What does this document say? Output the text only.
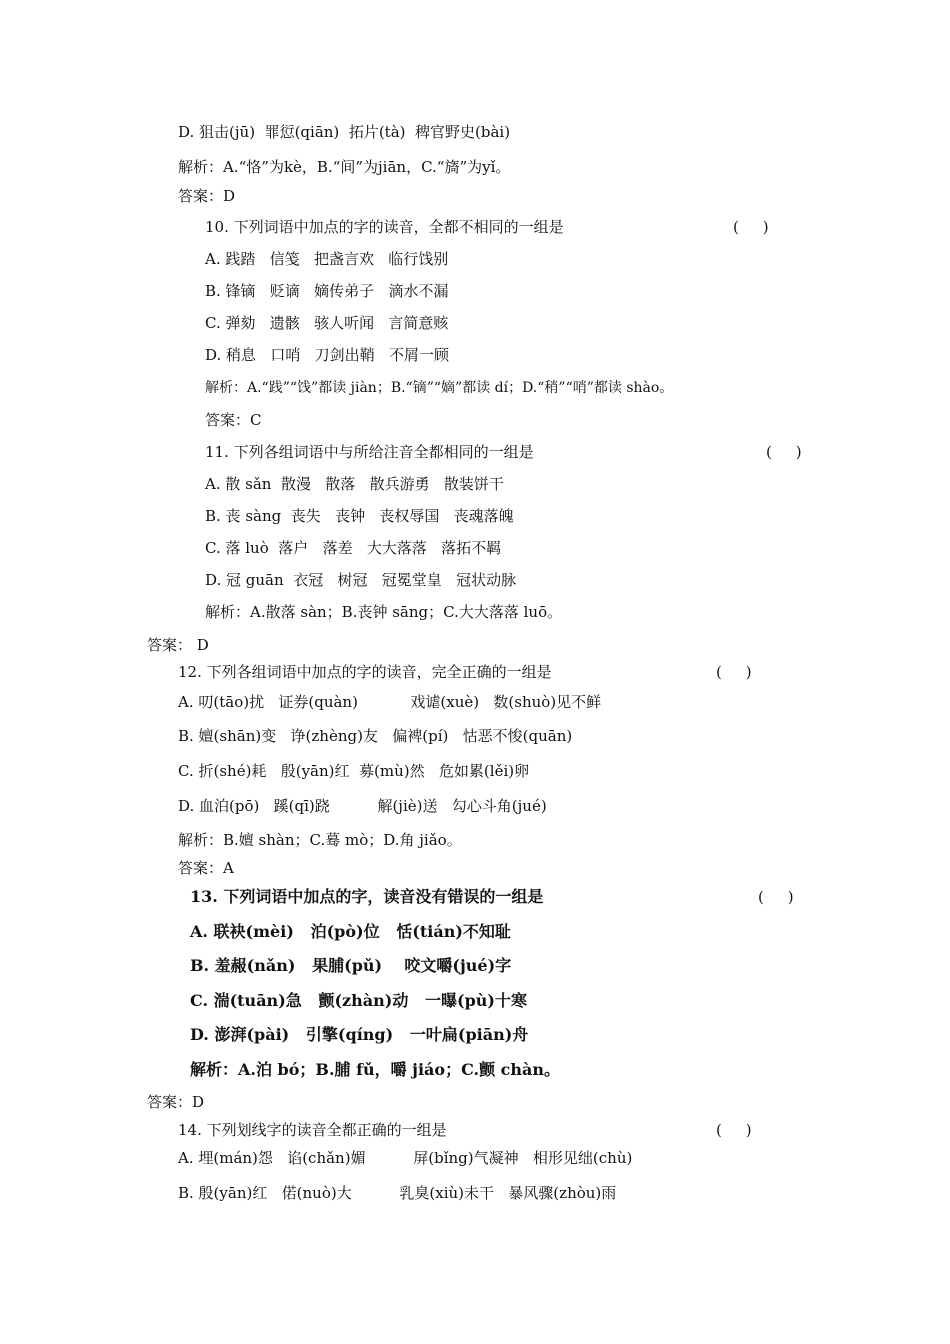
D. 狙击(jū)  罪愆(qiān)  拓片(tà)  稗官野史(bài)
解析：A.“恪”为kè，B.“间”为jiān，C.“旖”为yǐ。
答案：D
10. 下列词语中加点的字的读音，全都不相同的一组是	(     )
A. 践踏   信笺   把盏言欢   临行饯别
B. 锋镝   贬谪   嫡传弟子   滴水不漏
C. 弹劾   遗骸   骇人听闻   言简意赅
D. 稍息   口哨   刀剑出鞘   不屑一顾
解析：A.“践”“饯”都读 jiàn；B.“镝”“嫡”都读 dí；D.“稍”“哨”都读 shào。
答案：C
11. 下列各组词语中与所给注音全都相同的一组是	(     )
A. 散 sǎn  散漫   散落   散兵游勇   散装饼干
B. 丧 sàng  丧失   丧钟   丧权辱国   丧魂落魄
C. 落 luò  落户   落差   大大落落   落拓不羁
D. 冠 guān  衣冠   树冠   冠冕堂皇   冠状动脉
解析：A.散落 sàn；B.丧钟 sāng；C.大大落落 luō。
答案： D
12. 下列各组词语中加点的字的读音，完全正确的一组是	(     )
A. 叨(tāo)扰   证券(quàn)           戏谑(xuè)   数(shuò)见不鲜
B. 嬗(shān)变   诤(zhèng)友   偏裨(pí)   怙恶不悛(quān)
C. 折(shé)耗   殷(yān)红  募(mù)然   危如累(lěi)卵
D. 血泊(pō)   蹊(qī)跷          解(jiè)送   勾心斗角(jué)
解析：B.嬗 shàn；C.蓦 mò；D.角 jiǎo。
答案：A
13. 下列词语中加点的字，读音没有错误的一组是	(     )
A. 联袂(mèi)   泊(pò)位   恬(tián)不知耻
B. 羞赧(nǎn)   果脯(pǔ)    咬文嚼(jué)字
C. 湍(tuān)急   颤(zhàn)动   一曝(pù)十寒
D. 澎湃(pài)   引擎(qíng)   一叶扁(piān)舟
解析：A.泊 bó；B.脯 fǔ，嚼 jiáo；C.颤 chàn。
答案：D
14. 下列划线字的读音全都正确的一组是	(     )
A. 埋(mán)怨   谄(chǎn)媚          屏(bǐng)气凝神   相形见绌(chù)
B. 殷(yān)红   偌(nuò)大          乳臭(xiù)未干   暴风骤(zhòu)雨
